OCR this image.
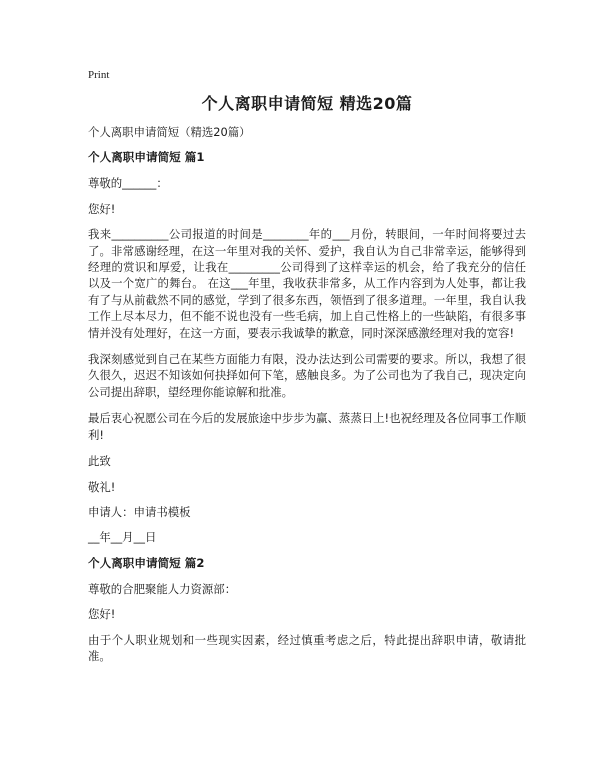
Print
个人离职申请简短 精选20篇

个人离职申请简短（精选20篇）

个人离职申请简短 篇1

尊敬的______：

您好!

我来__________公司报道的时间是________年的___月份，转眼间，一年时间将要过去了。非常感谢经理，在这一年里对我的关怀、爱护，我自认为自己非常幸运，能够得到经理的赏识和厚爱，让我在_________公司得到了这样幸运的机会，给了我充分的信任以及一个宽广的舞台。 在这___年里，我收获非常多，从工作内容到为人处事，都让我有了与从前截然不同的感觉，学到了很多东西，领悟到了很多道理。一年里，我自认我工作上尽本尽力，但不能不说也没有一些毛病，加上自己性格上的一些缺陷，有很多事情并没有处理好，在这一方面，要表示我诚挚的歉意，同时深深感激经理对我的宽容!

我深刻感觉到自己在某些方面能力有限，没办法达到公司需要的要求。所以，我想了很久很久，迟迟不知该如何抉择如何下笔，感触良多。为了公司也为了我自己，现决定向公司提出辞职，望经理你能谅解和批准。

最后衷心祝愿公司在今后的发展旅途中步步为赢、蒸蒸日上!也祝经理及各位同事工作顺利!

此致

敬礼!

申请人：申请书模板

__年__月__日

个人离职申请简短 篇2

尊敬的合肥聚能人力资源部：

您好!

由于个人职业规划和一些现实因素，经过慎重考虑之后，特此提出辞职申请，敬请批准。
